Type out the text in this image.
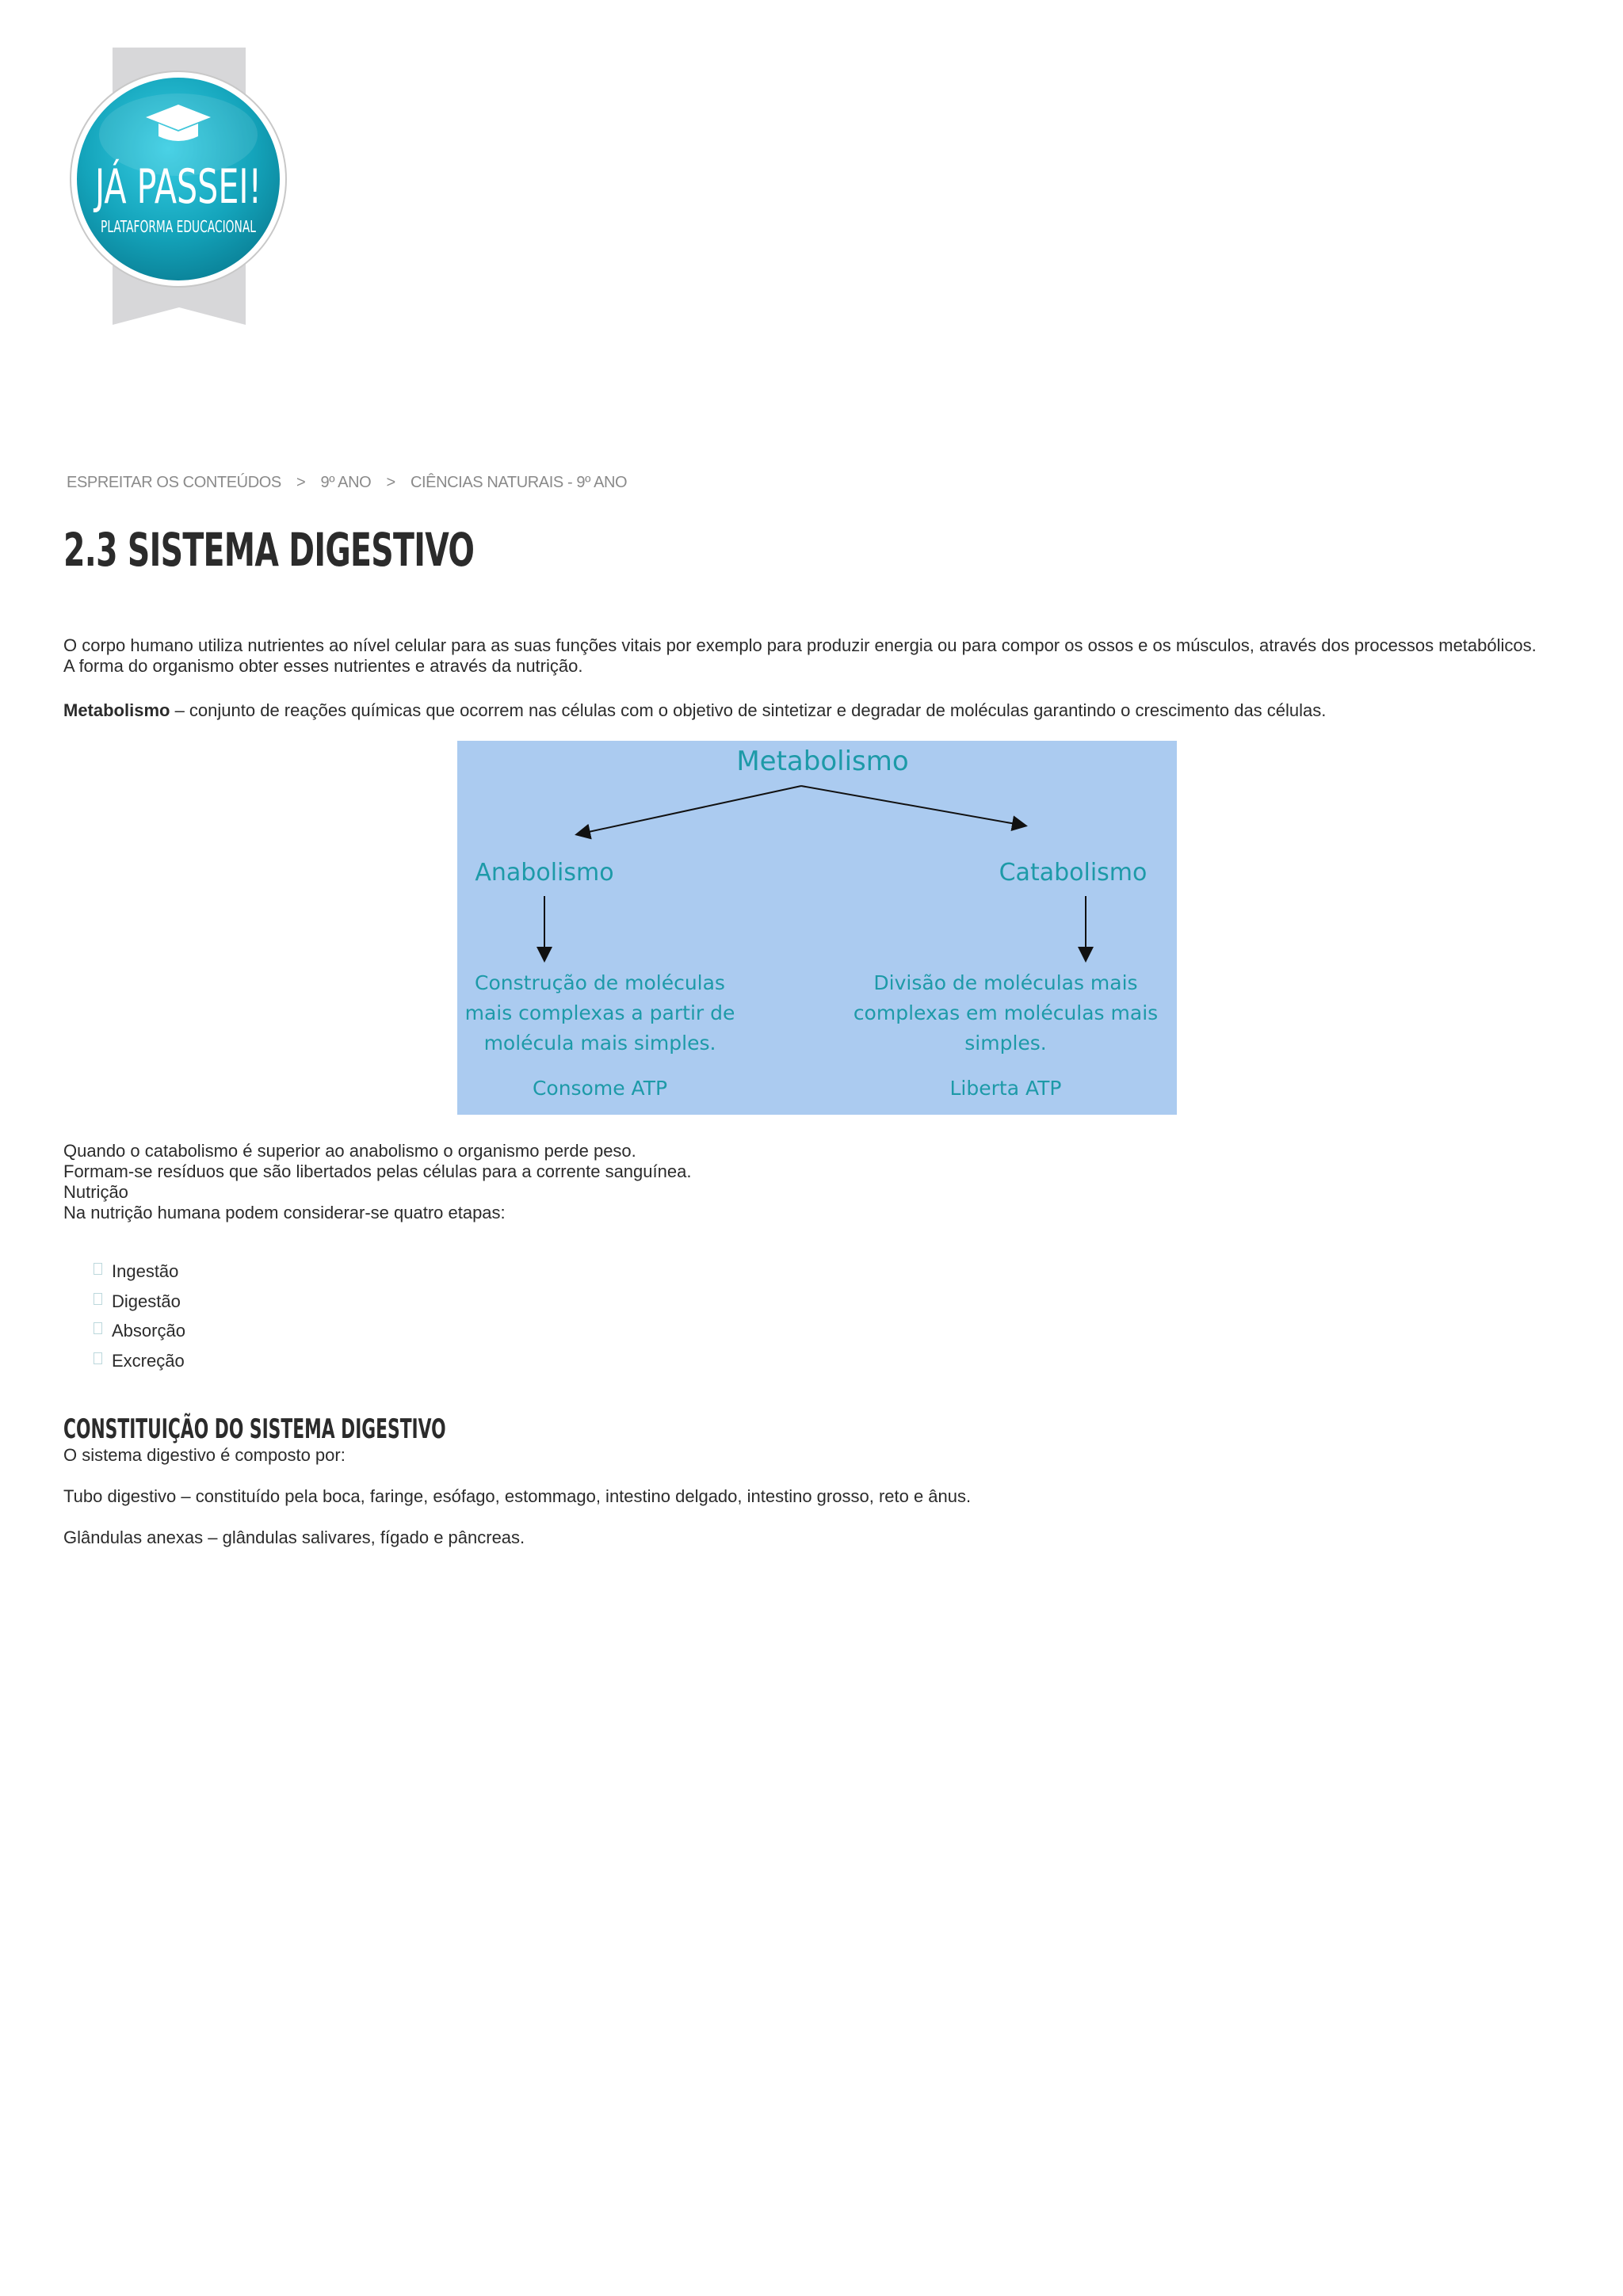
JÁ PASSEI!
PLATAFORMA EDUCACIONAL
ESPREITAR OS CONTEÚDOS > 9º ANO > CIÊNCIAS NATURAIS - 9º ANO
2.3 SISTEMA DIGESTIVO

O corpo humano utiliza nutrientes ao nível celular para as suas funções vitais por exemplo para produzir energia ou para compor os ossos e os músculos, através dos processos metabólicos. A forma do organismo obter esses nutrientes e através da nutrição.

Metabolismo – conjunto de reações químicas que ocorrem nas células com o objetivo de sintetizar e degradar de moléculas garantindo o crescimento das células.

Metabolismo
Anabolismo	Catabolismo
Construção de moléculas
mais complexas a partir de
molécula mais simples.
Divisão de moléculas mais
complexas em moléculas mais
simples.
Consome ATP	Liberta ATP

Quando o catabolismo é superior ao anabolismo o organismo perde peso.

Formam-se resíduos que são libertados pelas células para a corrente sanguínea.

Nutrição

Na nutrição humana podem considerar-se quatro etapas:

Ingestão
Digestão
Absorção
Excreção
CONSTITUIÇÃO DO SISTEMA DIGESTIVO

O sistema digestivo é composto por:

Tubo digestivo – constituído pela boca, faringe, esófago, estommago, intestino delgado, intestino grosso, reto e ânus.

Glândulas anexas – glândulas salivares, fígado e pâncreas.
